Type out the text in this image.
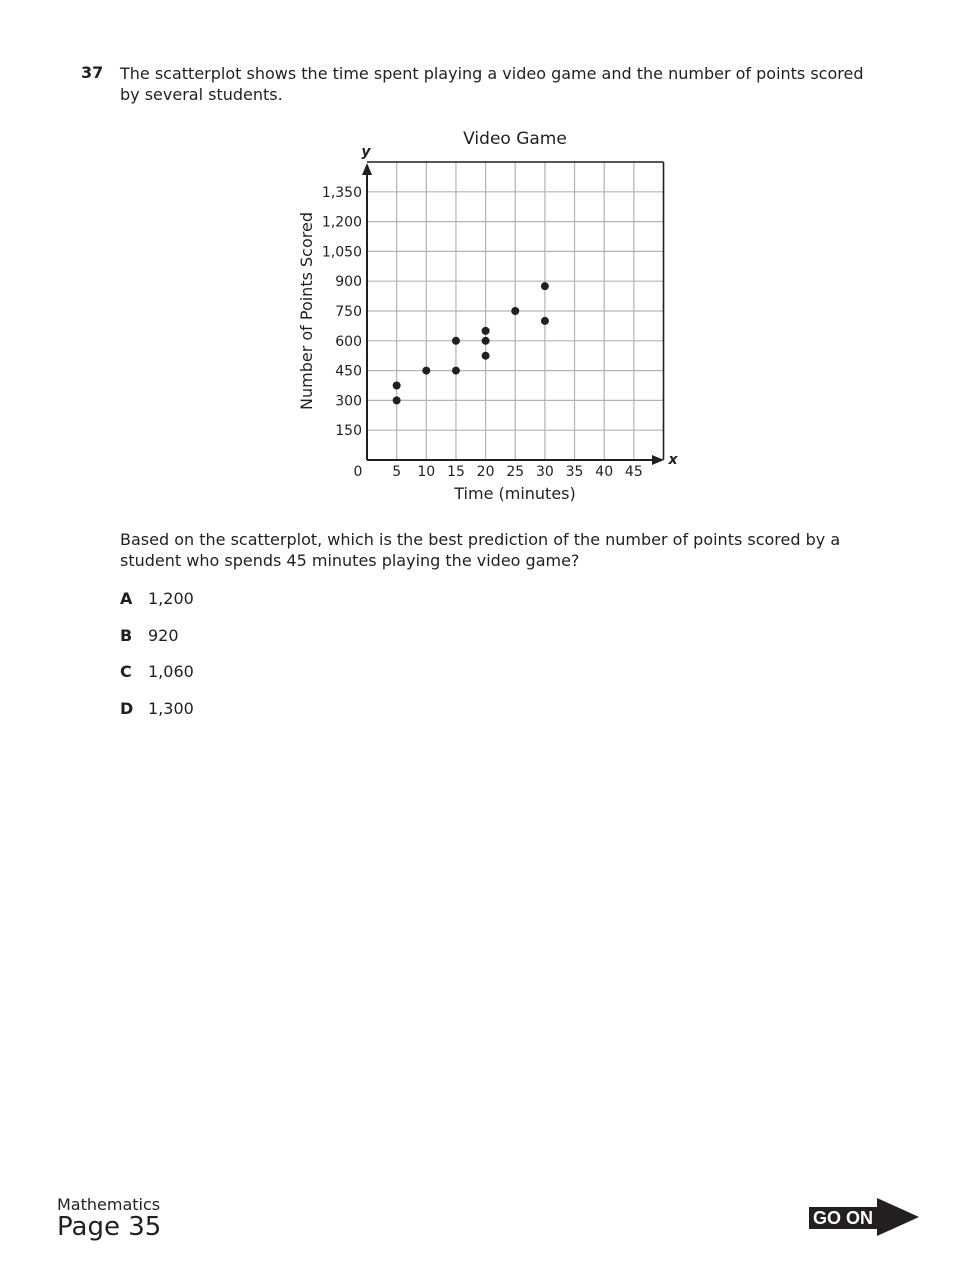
37 The scatterplot shows the time spent playing a video game and the number of points scored by several students.
Video Game
5 10 15 20 25 30 35 40 45
150
300
450
600
750
900
1,050
1,200
1,350
y
x
0
Time (minutes)
Number of Points Scored
Based on the scatterplot, which is the best prediction of the number of points scored by a student who spends 45 minutes playing the video game?
A 1,200
B 920
C	1,060
D 1,300
Mathematics
Page 35	GO ON
